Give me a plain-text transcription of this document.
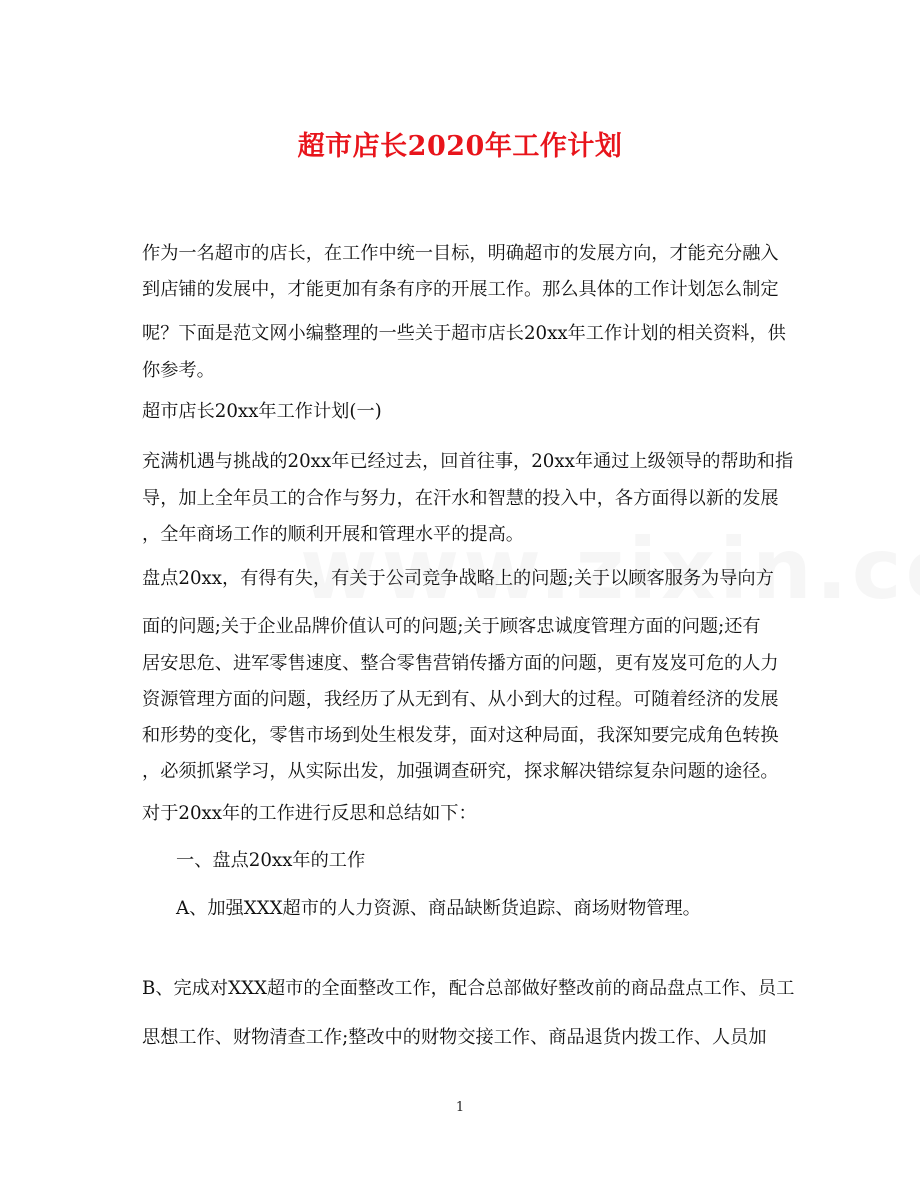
超市店长2020年工作计划

作为一名超市的店长，在工作中统一目标，明确超市的发展方向，才能充分融入

到店铺的发展中，才能更加有条有序的开展工作。那么具体的工作计划怎么制定

呢？下面是范文网小编整理的一些关于超市店长20xx年工作计划的相关资料，供

你参考。

超市店长20xx年工作计划(一)

充满机遇与挑战的20xx年已经过去，回首往事，20xx年通过上级领导的帮助和指

导，加上全年员工的合作与努力，在汗水和智慧的投入中，各方面得以新的发展

，全年商场工作的顺利开展和管理水平的提高。

盘点20xx，有得有失，有关于公司竞争战略上的问题;关于以顾客服务为导向方

面的问题;关于企业品牌价值认可的问题;关于顾客忠诚度管理方面的问题;还有

居安思危、进军零售速度、整合零售营销传播方面的问题，更有岌岌可危的人力

资源管理方面的问题，我经历了从无到有、从小到大的过程。可随着经济的发展

和形势的变化，零售市场到处生根发芽，面对这种局面，我深知要完成角色转换

，必须抓紧学习，从实际出发，加强调查研究，探求解决错综复杂问题的途径。

对于20xx年的工作进行反思和总结如下：

一、盘点20xx年的工作

A、加强XXX超市的人力资源、商品缺断货追踪、商场财物管理。

B、完成对XXX超市的全面整改工作，配合总部做好整改前的商品盘点工作、员工

思想工作、财物清查工作;整改中的财物交接工作、商品退货内拨工作、人员加

1
